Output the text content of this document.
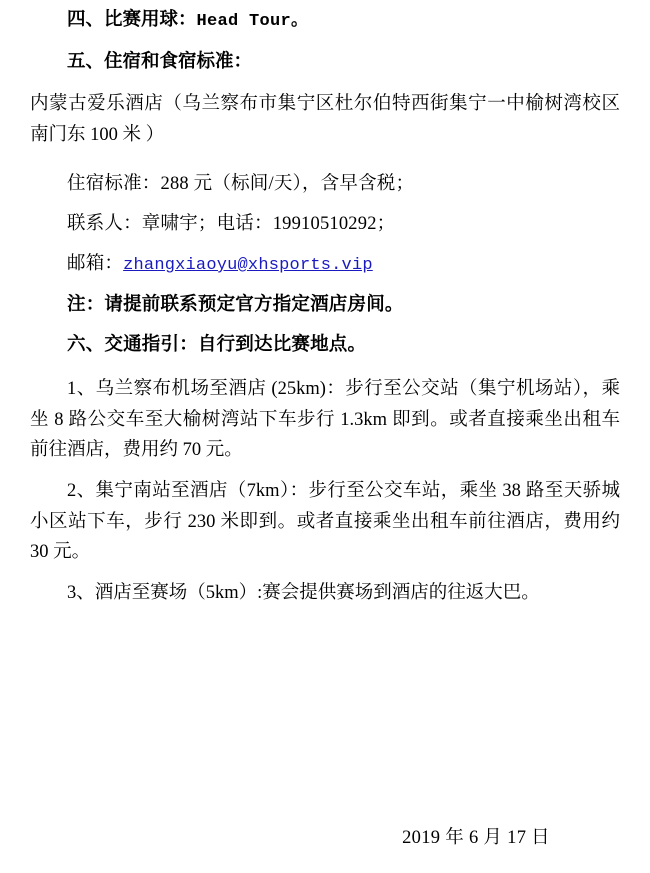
四、比赛用球：Head Tour。

五、住宿和食宿标准：

内蒙古爱乐酒店（乌兰察布市集宁区杜尔伯特西街集宁一中榆树湾校区南门东 100 米 ）

住宿标准：288 元（标间/天），含早含税；

联系人：章啸宇；电话：19910510292；

邮箱：zhangxiaoyu@xhsports.vip

注：请提前联系预定官方指定酒店房间。

六、交通指引：自行到达比赛地点。

1、乌兰察布机场至酒店 (25km)：步行至公交站（集宁机场站），乘坐 8 路公交车至大榆树湾站下车步行 1.3km 即到。或者直接乘坐出租车前往酒店，费用约 70 元。

2、集宁南站至酒店（7km）：步行至公交车站，乘坐 38 路至天骄城小区站下车，步行 230 米即到。或者直接乘坐出租车前往酒店，费用约 30 元。

3、酒店至赛场（5km）:赛会提供赛场到酒店的往返大巴。

2019 年 6 月 17 日
